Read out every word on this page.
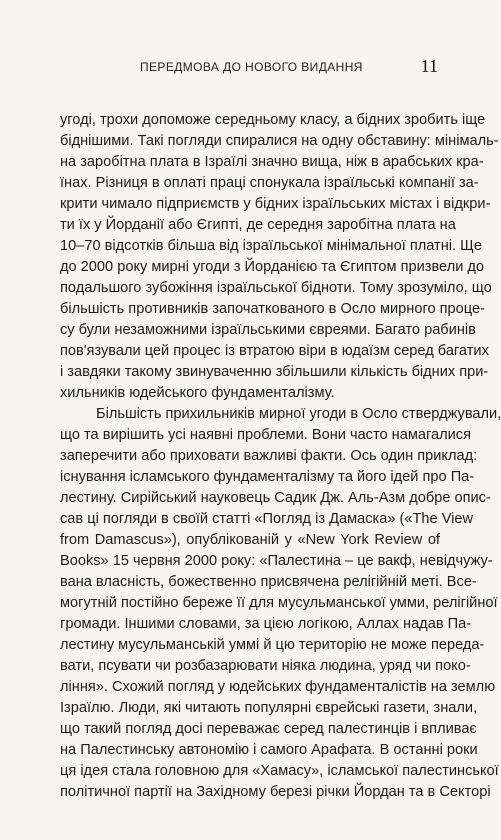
ПЕРЕДМОВА ДО НОВОГО ВИДАННЯ	11
угоді, трохи допоможе середньому класу, а бідних зробить іще
біднішими. Такі погляди спиралися на одну обставину: мінімаль-
на заробітна плата в Ізраїлі значно вища, ніж в арабських кра-
їнах. Різниця в оплаті праці спонукала ізраїльські компанії за-
крити чимало підприємств у бідних ізраїльських містах і відкри-
ти їх у Йорданії або Єгипті, де середня заробітна плата на
10–70 відсотків більша від ізраїльської мінімальної платні. Ще
до 2000 року мирні угоди з Йорданією та Єгиптом призвели до
подальшого зубожіння ізраїльської бідноти. Тому зрозуміло, що
більшість противників започаткованого в Осло мирного проце-
су були незаможними ізраїльськими євреями. Багато рабинів
пов'язували цей процес із втратою віри в юдаїзм серед багатих
і завдяки такому звинуваченню збільшили кількість бідних при-
хильників юдейського фундаменталізму.
Більшість прихильників мирної угоди в Осло стверджували,
що та вирішить усі наявні проблеми. Вони часто намагалися
заперечити або приховати важливі факти. Ось один приклад:
існування ісламського фундаменталізму та його ідей про Па-
лестину. Сирійський науковець Садик Дж. Аль-Азм добре опис-
сав ці погляди в своїй статті «Погляд із Дамаска» («The View
from Damascus»), опублікованій у «New York Review of
Books» 15 червня 2000 року: «Палестина – це вакф, невідчужу-
вана власність, божественно присвячена релігійній меті. Все-
могутній постійно береже її для мусульманської умми, релігійної
громади. Іншими словами, за цією логікою, Аллах надав Па-
лестину мусульманській уммі й цю територію не може переда-
вати, псувати чи розбазарювати ніяка людина, уряд чи поко-
ління». Схожий погляд у юдейських фундаменталістів на землю
Ізраїлю. Люди, які читають популярні єврейські газети, знали,
що такий погляд досі переважає серед палестинців і впливає
на Палестинську автономію і самого Арафата. В останні роки
ця ідея стала головною для «Хамасу», ісламської палестинської
політичної партії на Західному березі річки Йордан та в Секторі
